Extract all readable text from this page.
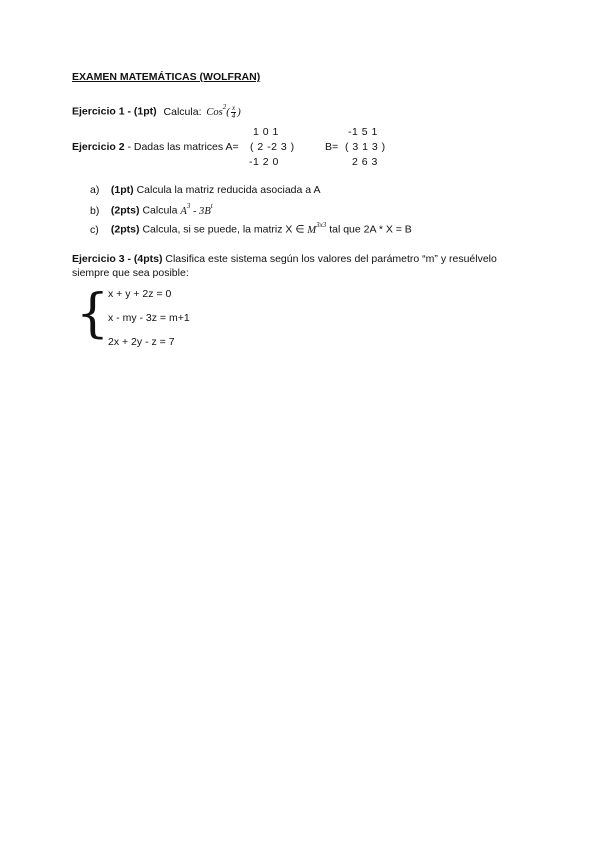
EXAMEN MATEMÁTICAS (WOLFRAN)
Ejercicio 1 - (1pt) Calcula: $Cos^2( \frac{x}{4}$ )
1 0 1	-1 5 1
Ejercicio 2 - Dadas las matrices A= ( 2 -2 3 )	B= ( 3 1 3 )
-1 2 0	2 6 3
a) (1pt) Calcula la matriz reducida asociada a A
b) (2pts) Calcula $A^3 - 3B^t$
c) (2pts) Calcula, si se puede, la matriz X ∈ $M^{3x3}$ tal que 2A * X = B
Ejercicio 3 - (4pts) Clasifica este sistema según los valores del parámetro “m” y resuélvelo
siempre que sea posible:
{
x + y + 2z = 0
x - my - 3z = m+1
2x + 2y - z = 7
